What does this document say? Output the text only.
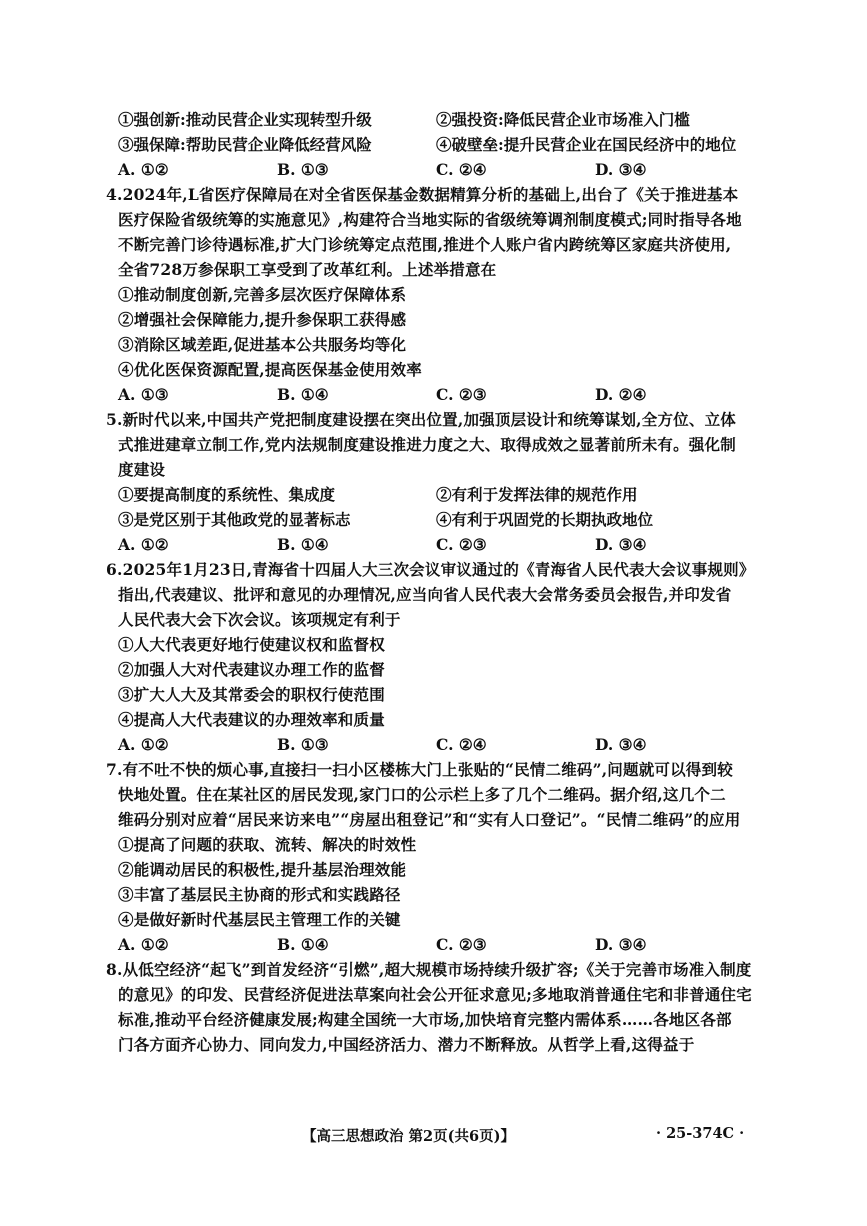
①强创新:推动民营企业实现转型升级	②强投资:降低民营企业市场准入门槛
③强保障:帮助民营企业降低经营风险	④破壁垒:提升民营企业在国民经济中的地位
A. ①②	B. ①③	C. ②④	D. ③④
4.2024年,L省医疗保障局在对全省医保基金数据精算分析的基础上,出台了《关于推进基本
医疗保险省级统筹的实施意见》,构建符合当地实际的省级统筹调剂制度模式;同时指导各地
不断完善门诊待遇标准,扩大门诊统筹定点范围,推进个人账户省内跨统筹区家庭共济使用,
全省728万参保职工享受到了改革红利。上述举措意在
①推动制度创新,完善多层次医疗保障体系
②增强社会保障能力,提升参保职工获得感
③消除区域差距,促进基本公共服务均等化
④优化医保资源配置,提高医保基金使用效率
A. ①③	B. ①④	C. ②③	D. ②④
5.新时代以来,中国共产党把制度建设摆在突出位置,加强顶层设计和统筹谋划,全方位、立体
式推进建章立制工作,党内法规制度建设推进力度之大、取得成效之显著前所未有。强化制
度建设
①要提高制度的系统性、集成度	②有利于发挥法律的规范作用
③是党区别于其他政党的显著标志	④有利于巩固党的长期执政地位
A. ①②	B. ①④	C. ②③	D. ③④
6.2025年1月23日,青海省十四届人大三次会议审议通过的《青海省人民代表大会议事规则》
指出,代表建议、批评和意见的办理情况,应当向省人民代表大会常务委员会报告,并印发省
人民代表大会下次会议。该项规定有利于
①人大代表更好地行使建议权和监督权
②加强人大对代表建议办理工作的监督
③扩大人大及其常委会的职权行使范围
④提高人大代表建议的办理效率和质量
A. ①②	B. ①③	C. ②④	D. ③④
7.有不吐不快的烦心事,直接扫一扫小区楼栋大门上张贴的“民情二维码”,问题就可以得到较
快地处置。住在某社区的居民发现,家门口的公示栏上多了几个二维码。据介绍,这几个二
维码分别对应着“居民来访来电”“房屋出租登记”和“实有人口登记”。“民情二维码”的应用
①提高了问题的获取、流转、解决的时效性
②能调动居民的积极性,提升基层治理效能
③丰富了基层民主协商的形式和实践路径
④是做好新时代基层民主管理工作的关键
A. ①②	B. ①④	C. ②③	D. ③④
8.从低空经济“起飞”到首发经济“引燃”,超大规模市场持续升级扩容;《关于完善市场准入制度
的意见》的印发、民营经济促进法草案向社会公开征求意见;多地取消普通住宅和非普通住宅
标准,推动平台经济健康发展;构建全国统一大市场,加快培育完整内需体系……各地区各部
门各方面齐心协力、同向发力,中国经济活力、潜力不断释放。从哲学上看,这得益于
【高三思想政治 第2页(共6页)】	· 25-374C ·
